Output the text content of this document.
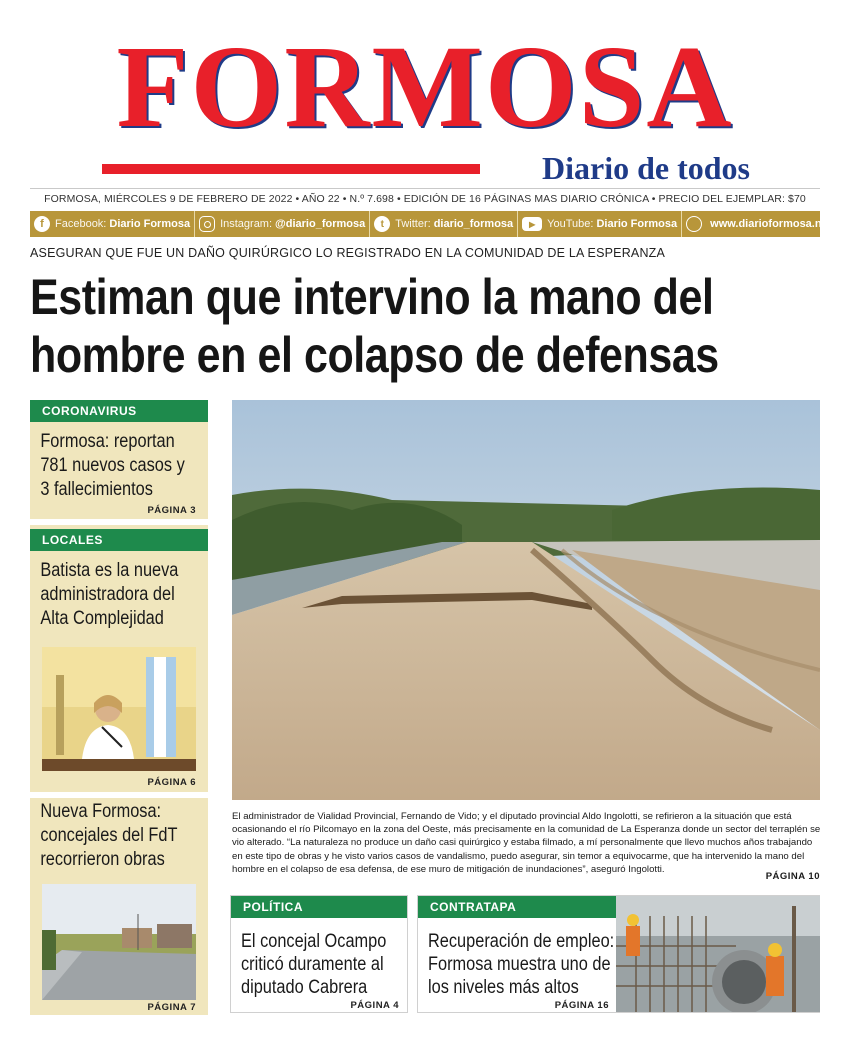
FORMOSA
Diario de todos
FORMOSA, MIÉRCOLES 9 DE FEBRERO DE 2022 • AÑO 22 • N.º 7.698 • EDICIÓN DE 16 PÁGINAS MAS DIARIO CRÓNICA • PRECIO DEL EJEMPLAR: $70
f	Facebook: Diario Formosa	Instagram: @diario_formosa	t	Twitter: diario_formosa	▶	YouTube: Diario Formosa	www.diarioformosa.net
ASEGURAN QUE FUE UN DAÑO QUIRÚRGICO LO REGISTRADO EN LA COMUNIDAD DE LA ESPERANZA
Estiman que intervino la mano del
hombre en el colapso de defensas
CORONAVIRUS
Formosa: reportan 781 nuevos casos y 3 fallecimientos
PÁGINA 3
LOCALES
Batista es la nueva administradora del Alta Complejidad
PÁGINA 6
Nueva Formosa: concejales del FdT recorrieron obras
PÁGINA 7
El administrador de Vialidad Provincial, Fernando de Vido; y el diputado provincial Aldo Ingolotti, se refirieron a la situación que está ocasionando el río Pilcomayo en la zona del Oeste, más precisamente en la comunidad de La Esperanza donde un sector del terraplén se vio alterado. “La naturaleza no produce un daño casi quirúrgico y estaba filmado, a mí personalmente que llevo muchos años trabajando en este tipo de obras y he visto varios casos de vandalismo, puedo asegurar, sin temor a equivocarme, que ha intervenido la mano del hombre en el colapso de esa defensa, de ese muro de mitigación de inundaciones”, aseguró Ingolotti.
PÁGINA 10
POLÍTICA
El concejal Ocampo criticó duramente al diputado Cabrera
PÁGINA 4
CONTRATAPA
Recuperación de empleo: Formosa muestra uno de los niveles más altos
PÁGINA 16
